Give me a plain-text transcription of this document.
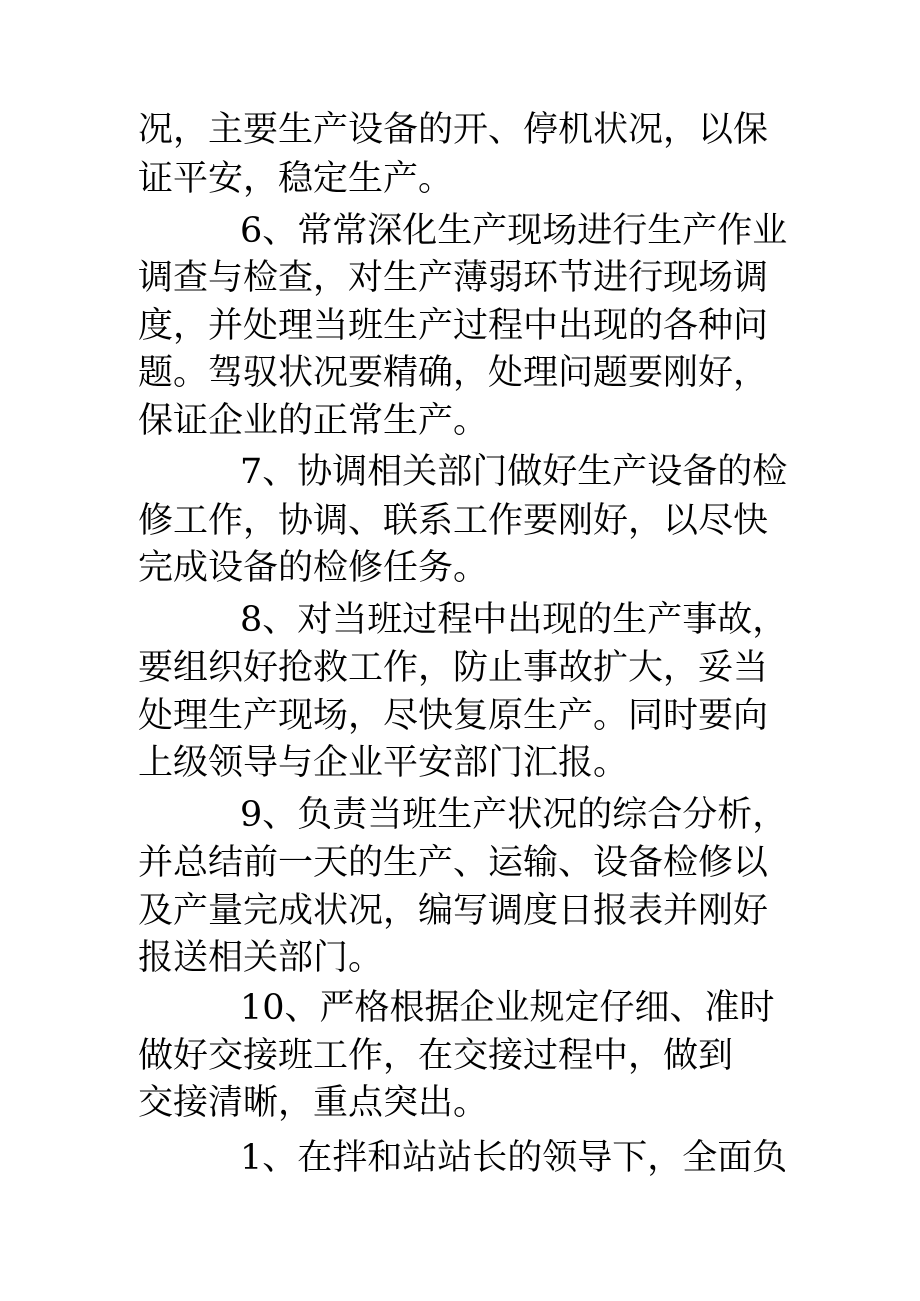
况，主要生产设备的开、停机状况，以保
证平安，稳定生产。
6、常常深化生产现场进行生产作业
调查与检查，对生产薄弱环节进行现场调
度，并处理当班生产过程中出现的各种问
题。驾驭状况要精确，处理问题要刚好，
保证企业的正常生产。
7、协调相关部门做好生产设备的检
修工作，协调、联系工作要刚好，以尽快
完成设备的检修任务。
8、对当班过程中出现的生产事故，
要组织好抢救工作，防止事故扩大，妥当
处理生产现场，尽快复原生产。同时要向
上级领导与企业平安部门汇报。
9、负责当班生产状况的综合分析，
并总结前一天的生产、运输、设备检修以
及产量完成状况，编写调度日报表并刚好
报送相关部门。
10、严格根据企业规定仔细、准时
做好交接班工作，在交接过程中，做到
交接清晰，重点突出。
1、在拌和站站长的领导下，全面负
